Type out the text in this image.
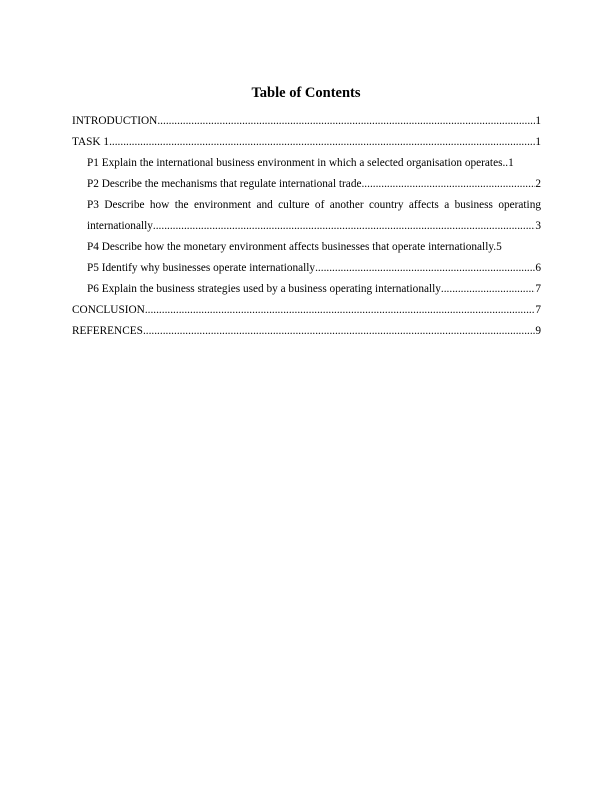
Table of Contents
INTRODUCTION .....	1
TASK 1 .....	1
P1 Explain the international business environment in which a selected organisation operates.. 1
P2 Describe the mechanisms that regulate international trade .....	2
P3 Describe how the environment and culture of another country affects a business operating
internationally .....	3
P4 Describe how the monetary environment affects businesses that operate internationally. 5
P5 Identify why businesses operate internationally .....	6
P6 Explain the business strategies used by a business operating internationally .....	7
CONCLUSION .....	7
REFERENCES .....	9
